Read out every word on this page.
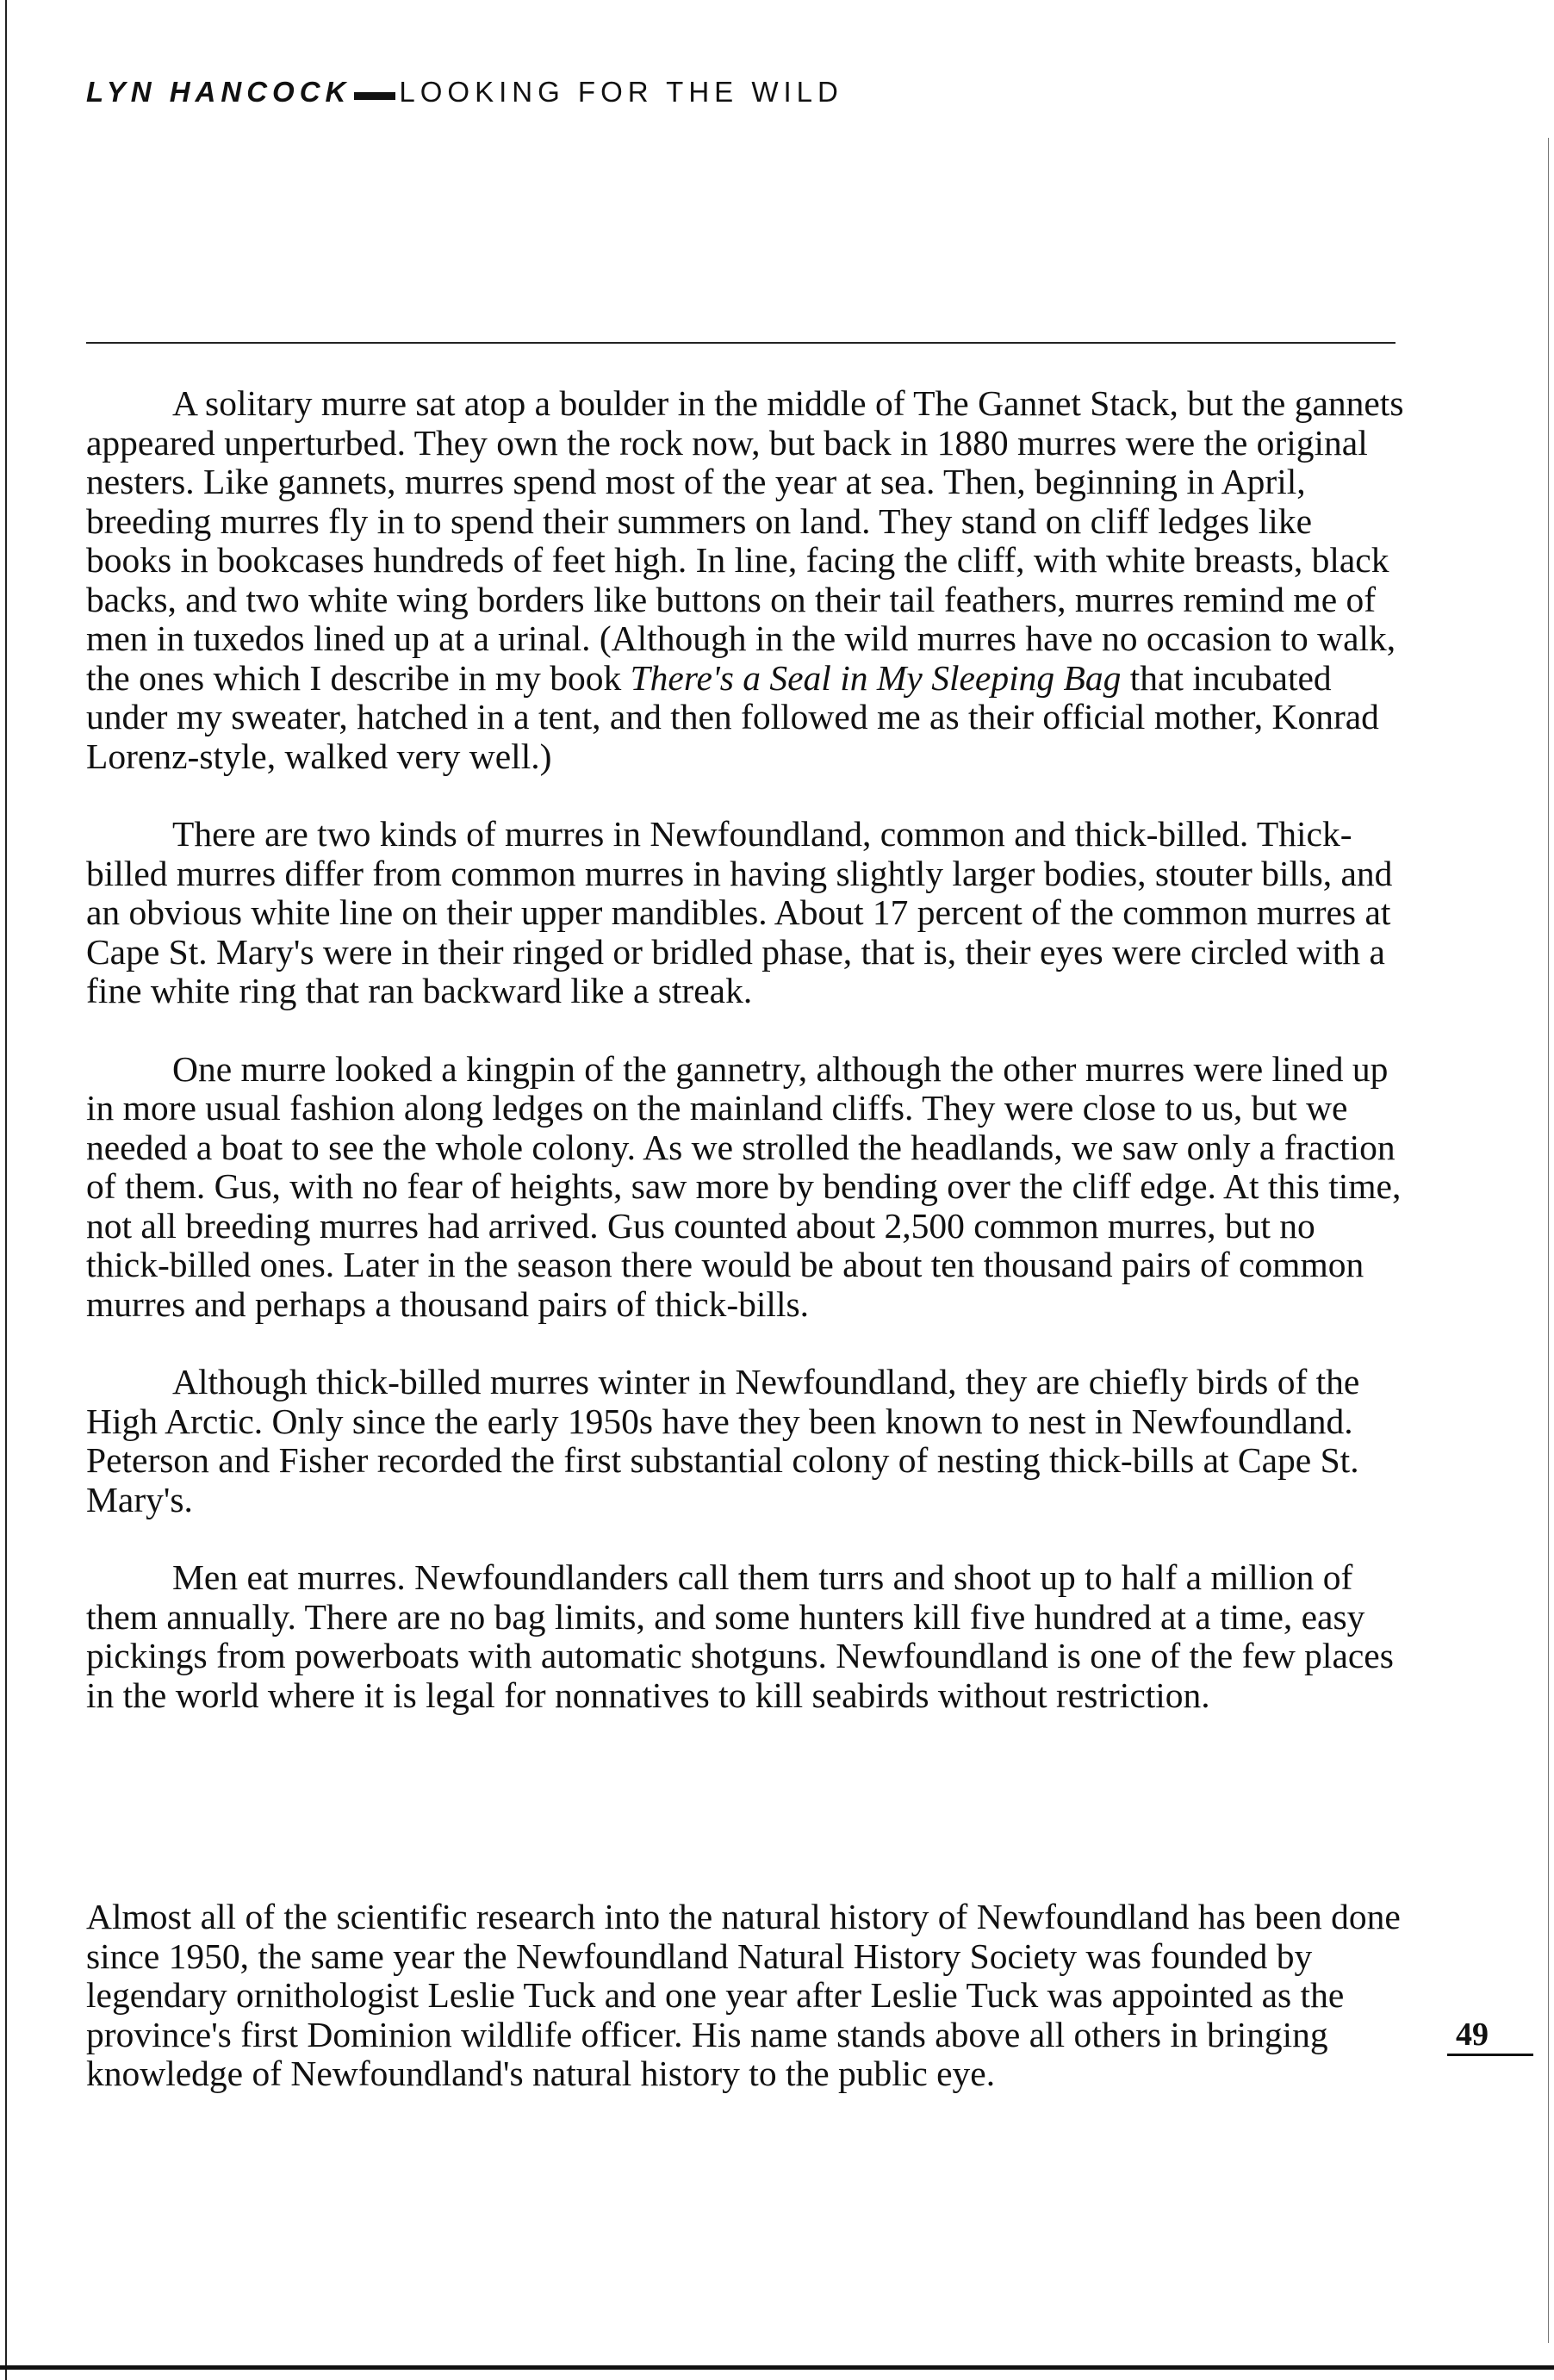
LYN HANCOCK LOOKING FOR THE WILD

A solitary murre sat atop a boulder in the middle of The Gannet Stack, but the gannets appeared unperturbed. They own the rock now, but back in 1880 murres were the original nesters. Like gannets, murres spend most of the year at sea. Then, beginning in April, breeding murres fly in to spend their summers on land. They stand on cliff ledges like books in bookcases hundreds of feet high. In line, facing the cliff, with white breasts, black backs, and two white wing borders like buttons on their tail feathers, murres remind me of men in tuxedos lined up at a urinal. (Although in the wild murres have no occasion to walk, the ones which I describe in my book There's a Seal in My Sleeping Bag that incubated under my sweater, hatched in a tent, and then followed me as their official mother, Konrad Lorenz-style, walked very well.)

There are two kinds of murres in Newfoundland, common and thick-billed. Thick-billed murres differ from common murres in having slightly larger bodies, stouter bills, and an obvious white line on their upper mandibles. About 17 percent of the common murres at Cape St. Mary's were in their ringed or bridled phase, that is, their eyes were circled with a fine white ring that ran backward like a streak.

One murre looked a kingpin of the gannetry, although the other murres were lined up in more usual fashion along ledges on the mainland cliffs. They were close to us, but we needed a boat to see the whole colony. As we strolled the headlands, we saw only a fraction of them. Gus, with no fear of heights, saw more by bending over the cliff edge. At this time, not all breeding murres had arrived. Gus counted about 2,500 common murres, but no thick-billed ones. Later in the season there would be about ten thousand pairs of common murres and perhaps a thousand pairs of thick-bills.

Although thick-billed murres winter in Newfoundland, they are chiefly birds of the High Arctic. Only since the early 1950s have they been known to nest in Newfoundland. Peterson and Fisher recorded the first substantial colony of nesting thick-bills at Cape St. Mary's.

Men eat murres. Newfoundlanders call them turrs and shoot up to half a million of them annually. There are no bag limits, and some hunters kill five hundred at a time, easy pickings from powerboats with automatic shotguns. Newfoundland is one of the few places in the world where it is legal for nonnatives to kill seabirds without restriction.

Almost all of the scientific research into the natural history of Newfoundland has been done since 1950, the same year the Newfoundland Natural History Society was founded by legendary ornithologist Leslie Tuck and one year after Leslie Tuck was appointed as the province's first Dominion wildlife officer. His name stands above all others in bringing knowledge of Newfoundland's natural history to the public eye.

49
